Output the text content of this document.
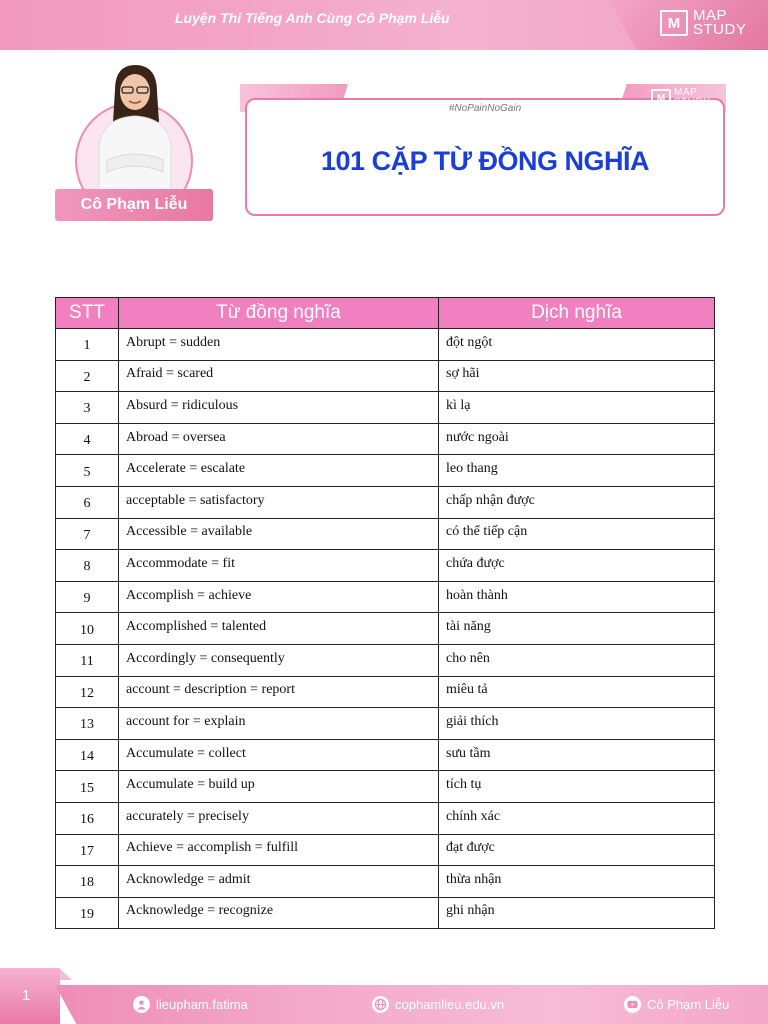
Luyện Thi Tiếng Anh Cùng Cô Phạm Liễu	M MAP
STUDY
Cô Phạm Liễu
M MAP
STUDY
#NoPainNoGain
101 CẶP TỪ ĐỒNG NGHĨA
STT	Từ đồng nghĩa	Dịch nghĩa
1	Abrupt = sudden	đột ngột
2	Afraid = scared	sợ hãi
3	Absurd = ridiculous	kì lạ
4	Abroad = oversea	nước ngoài
5	Accelerate = escalate	leo thang
6	acceptable = satisfactory	chấp nhận được
7	Accessible = available	có thể tiếp cận
8	Accommodate = fit	chứa được
9	Accomplish = achieve	hoàn thành
10	Accomplished = talented	tài năng
11	Accordingly = consequently	cho nên
12	account = description = report	miêu tả
13	account for = explain	giải thích
14	Accumulate = collect	sưu tầm
15	Accumulate = build up	tích tụ
16	accurately = precisely	chính xác
17	Achieve = accomplish = fulfill	đạt được
18	Acknowledge = admit	thừa nhận
19	Acknowledge = recognize	ghi nhận
1
lieupham.fatima	cophamlieu.edu.vn	Cô Phạm Liễu
